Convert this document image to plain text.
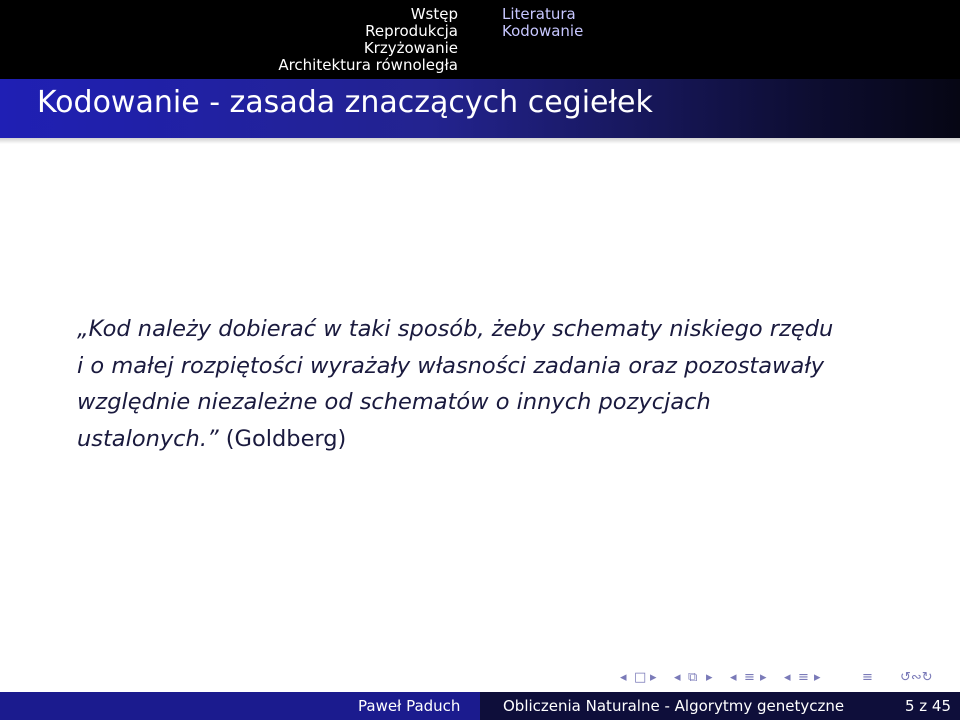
Wstęp
Reprodukcja
Krzyżowanie
Architektura równoległa
Literatura
Kodowanie
Kodowanie - zasada znaczących cegiełek

„Kod należy dobierać w taki sposób, żeby schematy niskiego rzędu
i o małej rozpiętości wyrażały własności zadania oraz pozostawały
względnie niezależne od schematów o innych pozycjach
ustalonych.” (Goldberg)

◂ □ ▸ ◂ ⧉ ▸ ◂ ≡ ▸ ◂ ≡ ▸	≡ ↺∾↻
Paweł Paduch	Obliczenia Naturalne - Algorytmy genetyczne	5 z 45
